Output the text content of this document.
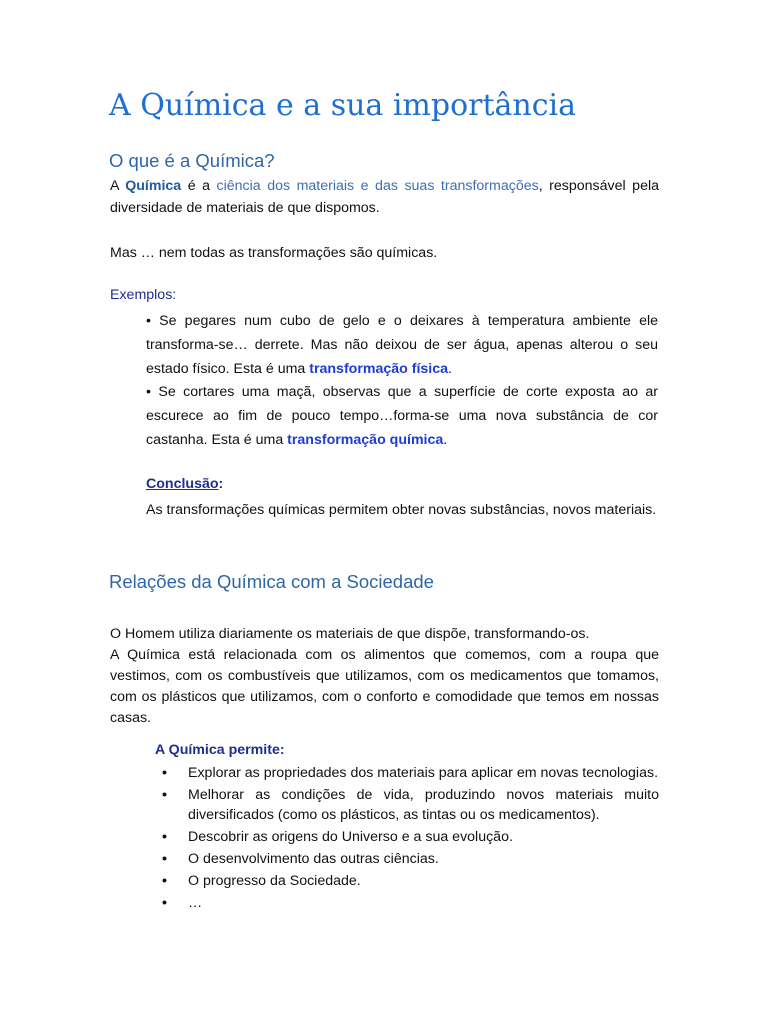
A Química e a sua importância
O que é a Química?

A Química é a ciência dos materiais e das suas transformações, responsável pela diversidade de materiais de que dispomos.

Mas … nem todas as transformações são químicas.

Exemplos:

• Se pegares num cubo de gelo e o deixares à temperatura ambiente ele transforma-se… derrete. Mas não deixou de ser água, apenas alterou o seu estado físico. Esta é uma transformação física.

• Se cortares uma maçã, observas que a superfície de corte exposta ao ar escurece ao fim de pouco tempo…forma-se uma nova substância de cor castanha. Esta é uma transformação química.

Conclusão:

As transformações químicas permitem obter novas substâncias, novos materiais.

Relações da Química com a Sociedade

O Homem utiliza diariamente os materiais de que dispõe, transformando-os.

A Química está relacionada com os alimentos que comemos, com a roupa que vestimos, com os combustíveis que utilizamos, com os medicamentos que tomamos, com os plásticos que utilizamos, com o conforto e comodidade que temos em nossas casas.

A Química permite:

•	Explorar as propriedades dos materiais para aplicar em novas tecnologias.
•	Melhorar as condições de vida, produzindo novos materiais muito diversificados (como os plásticos, as tintas ou os medicamentos).
•	Descobrir as origens do Universo e a sua evolução.
•	O desenvolvimento das outras ciências.
•	O progresso da Sociedade.
•	…
